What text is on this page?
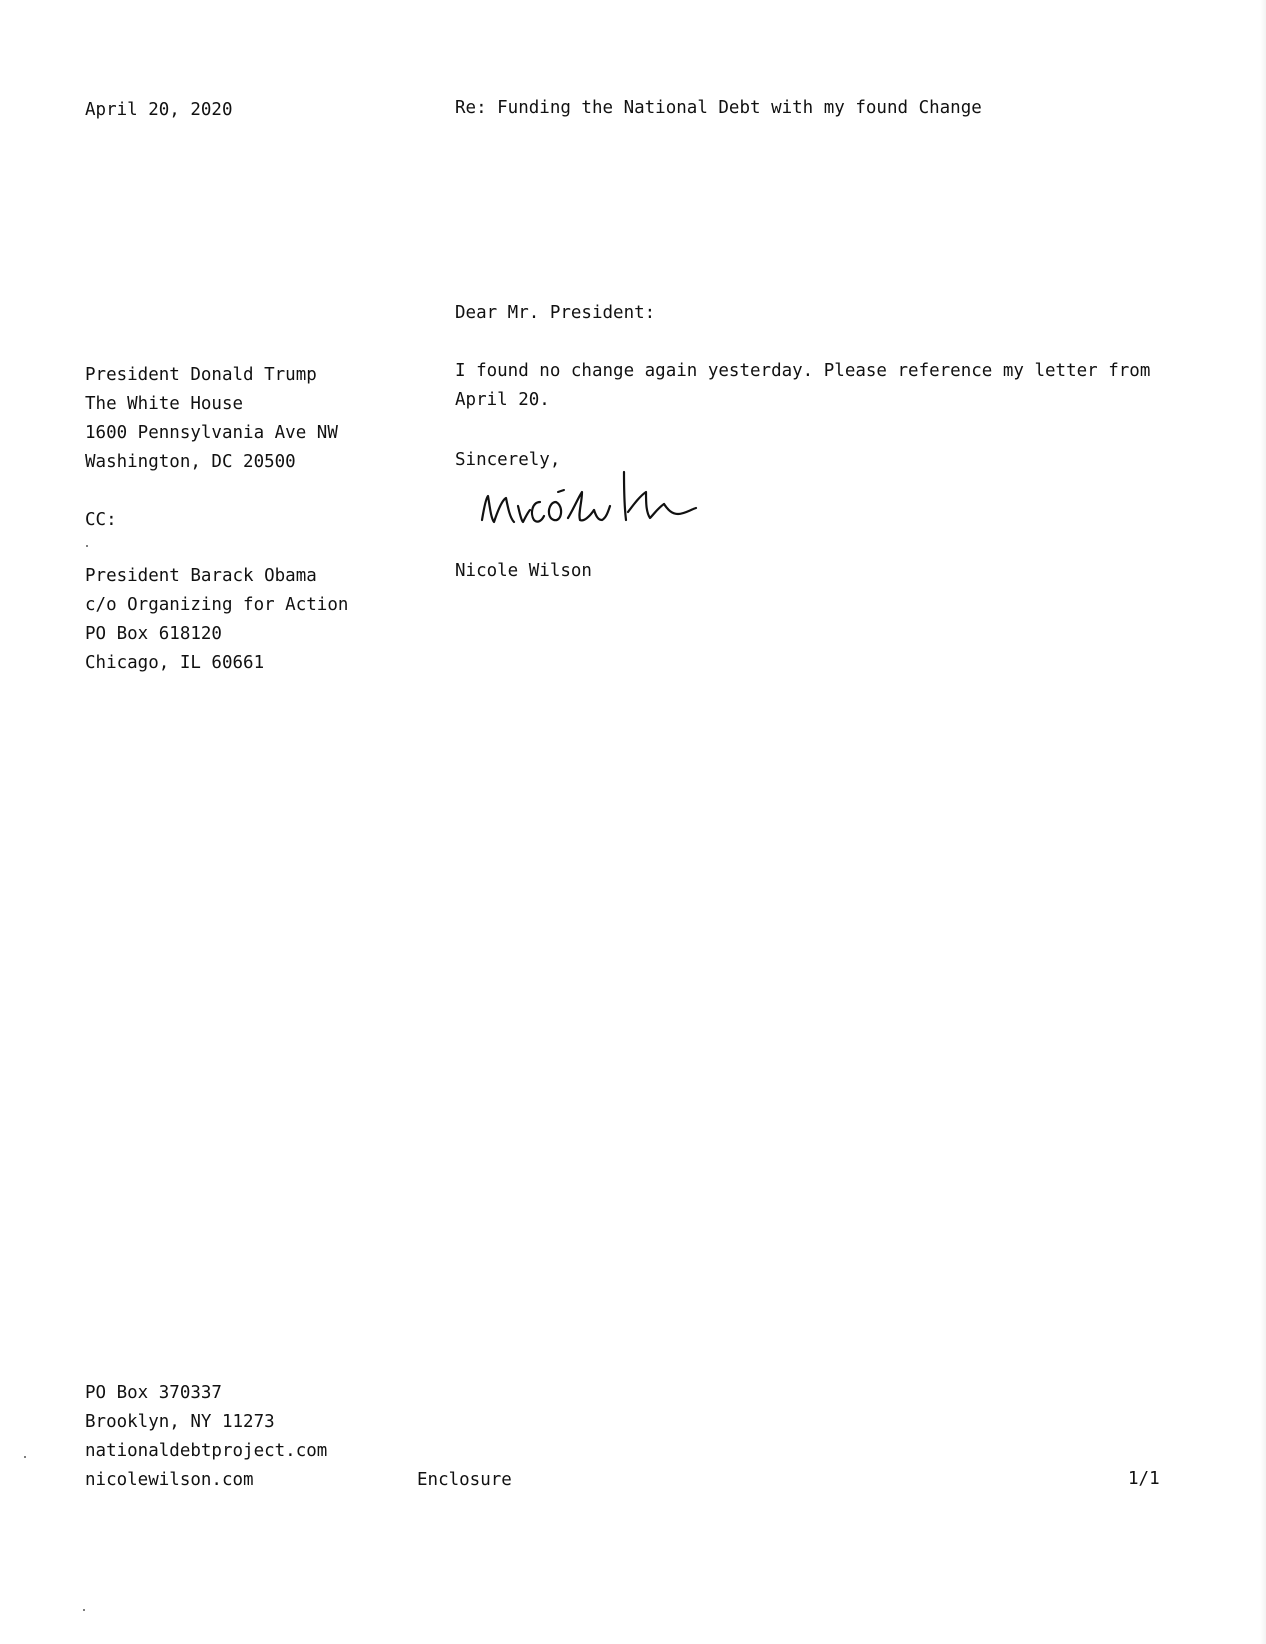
April 20, 2020	Re: Funding the National Debt with my found Change

Dear Mr. President:

President Donald Trump
The White House
1600 Pennsylvania Ave NW
Washington, DC 20500
I found no change again yesterday. Please reference my letter from
April 20.

Sincerely,

Nicole Wilson

CC:

President Barack Obama
c/o Organizing for Action
PO Box 618120
Chicago, IL 60661
PO Box 370337
Brooklyn, NY 11273
nationaldebtproject.com
nicolewilson.com	Enclosure	1/1
